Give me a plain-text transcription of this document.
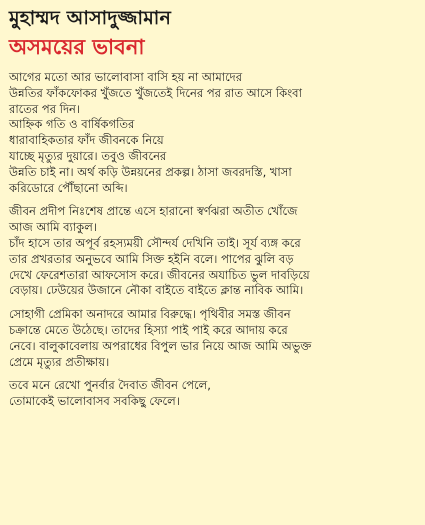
মুহাম্মদ আসাদুজ্জামান
অসময়ের ভাবনা
আগের মতো আর ভালোবাসা বাসি হয় না আমাদের
উন্নতির ফাঁকফোকর খুঁজতে খুঁজতেই দিনের পর রাত আসে কিংবা
রাতের পর দিন।
আহ্নিক গতি ও বার্ষিকগতির
ধারাবাহিকতার ফাঁদ জীবনকে নিয়ে
যাচ্ছে মৃত্যুর দুয়ারে। তবুও জীবনের
উন্নতি চাই না। অর্থ কড়ি উন্নয়নের প্রকল্প। ঠাসা জবরদস্তি, খাসা
করিডোরে পৌঁছানো অব্দি।
জীবন প্রদীপ নিঃশেষ প্রান্তে এসে হারানো স্বর্ণঝরা অতীত খোঁজে
আজ আমি ব্যাকুল।
চাঁদ হাসে তার অপূর্ব রহস্যময়ী সৌন্দর্য দেখিনি তাই। সূর্য ব্যঙ্গ করে
তার প্রখরতার অনুভবে আমি সিক্ত হইনি বলে। পাপের ঝুলি বড়
দেখে ফেরেশতারা আফসোস করে। জীবনের অযাচিত ভুল দাবড়িয়ে
বেড়ায়। ঢেউয়ের উজানে নৌকা বাইতে বাইতে ক্লান্ত নাবিক আমি।
সোহাগী প্রেমিকা অনাদরে আমার বিরুদ্ধে। পৃথিবীর সমস্ত জীবন
চক্রান্তে মেতে উঠেছে। তাদের হিস্যা পাই পাই করে আদায় করে
নেবে। বালুকাবেলায় অপরাধের বিপুল ভার নিয়ে আজ আমি অভুক্ত
প্রেমে মৃত্যুর প্রতীক্ষায়।
তবে মনে রেখো পুনর্বার দৈবাত জীবন পেলে,
তোমাকেই ভালোবাসব সবকিছু ফেলে।
